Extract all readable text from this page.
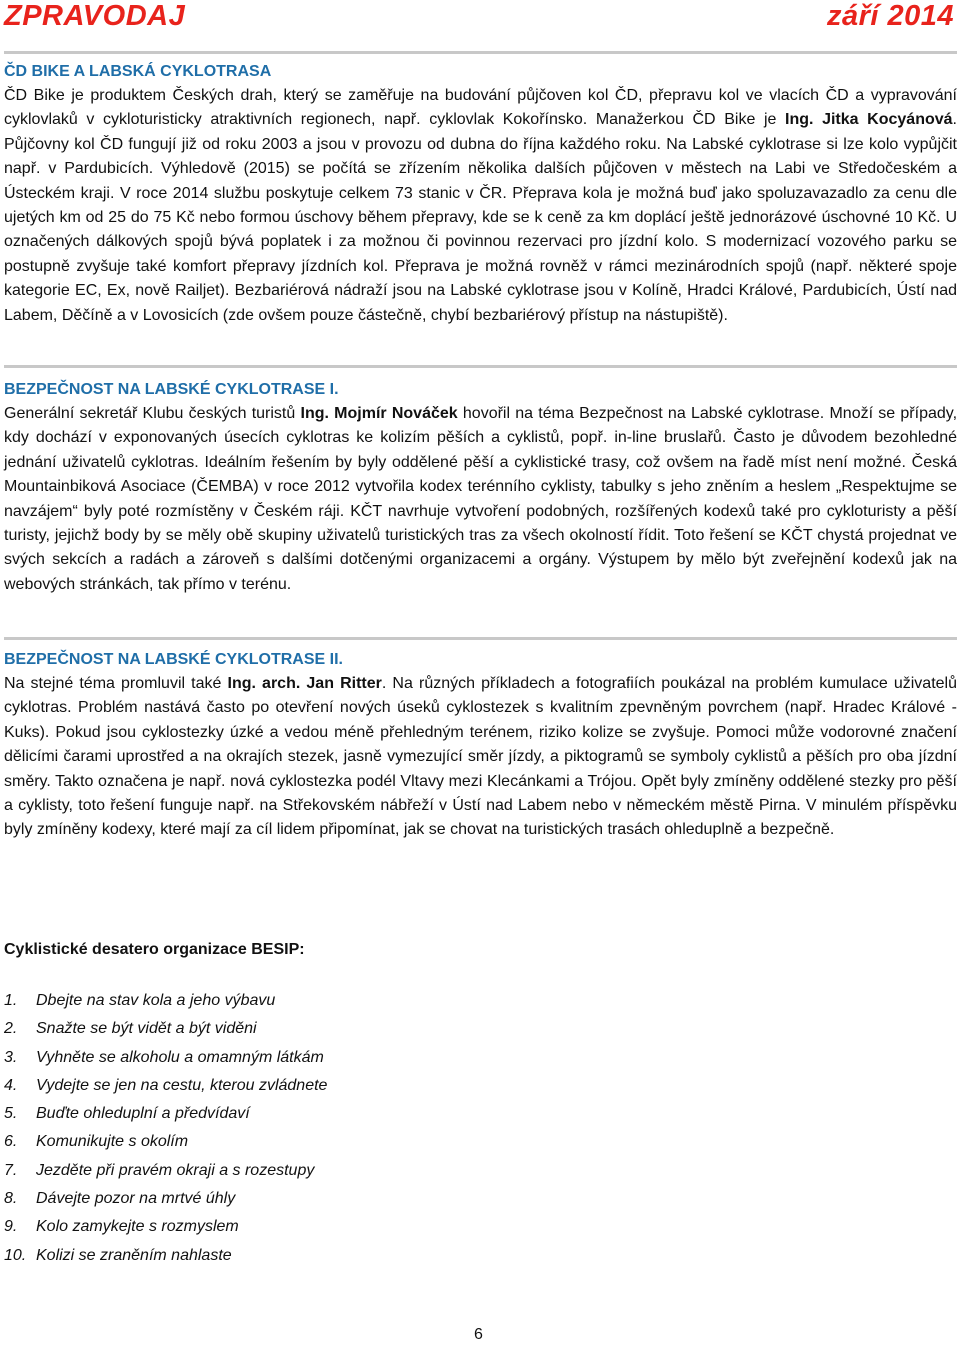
ZPRAVODAJ	září 2014
ČD BIKE A LABSKÁ CYKLOTRASA

ČD Bike je produktem Českých drah, který se zaměřuje na budování půjčoven kol ČD, přepravu kol ve vlacích ČD a vypravování cyklovlaků v cykloturisticky atraktivních regionech, např. cyklovlak Kokořínsko. Manažerkou ČD Bike je Ing. Jitka Kocyánová. Půjčovny kol ČD fungují již od roku 2003 a jsou v provozu od dubna do října každého roku. Na Labské cyklotrase si lze kolo vypůjčit např. v Pardubicích. Výhledově (2015) se počítá se zřízením několika dalších půjčoven v městech na Labi ve Středočeském a Ústeckém kraji. V roce 2014 službu poskytuje celkem 73 stanic v ČR. Přeprava kola je možná buď jako spoluzavazadlo za cenu dle ujetých km od 25 do 75 Kč nebo formou úschovy během přepravy, kde se k ceně za km doplácí ještě jednorázové úschovné 10 Kč. U označených dálkových spojů bývá poplatek i za možnou či povinnou rezervaci pro jízdní kolo. S modernizací vozového parku se postupně zvyšuje také komfort přepravy jízdních kol. Přeprava je možná rovněž v rámci mezinárodních spojů (např. některé spoje kategorie EC, Ex, nově Railjet). Bezbariérová nádraží jsou na Labské cyklotrase jsou v Kolíně, Hradci Králové, Pardubicích, Ústí nad Labem, Děčíně a v Lovosicích (zde ovšem pouze částečně, chybí bezbariérový přístup na nástupiště).

BEZPEČNOST NA LABSKÉ CYKLOTRASE I.

Generální sekretář Klubu českých turistů Ing. Mojmír Nováček hovořil na téma Bezpečnost na Labské cyklotrase. Množí se případy, kdy dochází v exponovaných úsecích cyklotras ke kolizím pěších a cyklistů, popř. in-line bruslařů. Často je důvodem bezohledné jednání uživatelů cyklotras. Ideálním řešením by byly oddělené pěší a cyklistické trasy, což ovšem na řadě míst není možné. Česká Mountainbiková Asociace (ČEMBA) v roce 2012 vytvořila kodex terénního cyklisty, tabulky s jeho zněním a heslem „Respektujme se navzájem“ byly poté rozmístěny v Českém ráji. KČT navrhuje vytvoření podobných, rozšířených kodexů také pro cykloturisty a pěší turisty, jejichž body by se měly obě skupiny uživatelů turistických tras za všech okolností řídit. Toto řešení se KČT chystá projednat ve svých sekcích a radách a zároveň s dalšími dotčenými organizacemi a orgány. Výstupem by mělo být zveřejnění kodexů jak na webových stránkách, tak přímo v terénu.

BEZPEČNOST NA LABSKÉ CYKLOTRASE II.

Na stejné téma promluvil také Ing. arch. Jan Ritter. Na různých příkladech a fotografiích poukázal na problém kumulace uživatelů cyklotras. Problém nastává často po otevření nových úseků cyklostezek s kvalitním zpevněným povrchem (např. Hradec Králové - Kuks). Pokud jsou cyklostezky úzké a vedou méně přehledným terénem, riziko kolize se zvyšuje. Pomoci může vodorovné značení dělicími čarami uprostřed a na okrajích stezek, jasně vymezující směr jízdy, a piktogramů se symboly cyklistů a pěších pro oba jízdní směry. Takto označena je např. nová cyklostezka podél Vltavy mezi Klecánkami a Trójou. Opět byly zmíněny oddělené stezky pro pěší a cyklisty, toto řešení funguje např. na Střekovském nábřeží v Ústí nad Labem nebo v německém městě Pirna. V minulém příspěvku byly zmíněny kodexy, které mají za cíl lidem připomínat, jak se chovat na turistických trasách ohleduplně a bezpečně.

Cyklistické desatero organizace BESIP:
1.	Dbejte na stav kola a jeho výbavu
2.	Snažte se být vidět a být viděni
3.	Vyhněte se alkoholu a omamným látkám
4.	Vydejte se jen na cestu, kterou zvládnete
5.	Buďte ohleduplní a předvídaví
6.	Komunikujte s okolím
7.	Jezděte při pravém okraji a s rozestupy
8.	Dávejte pozor na mrtvé úhly
9.	Kolo zamykejte s rozmyslem
10. Kolizi se zraněním nahlaste
6
